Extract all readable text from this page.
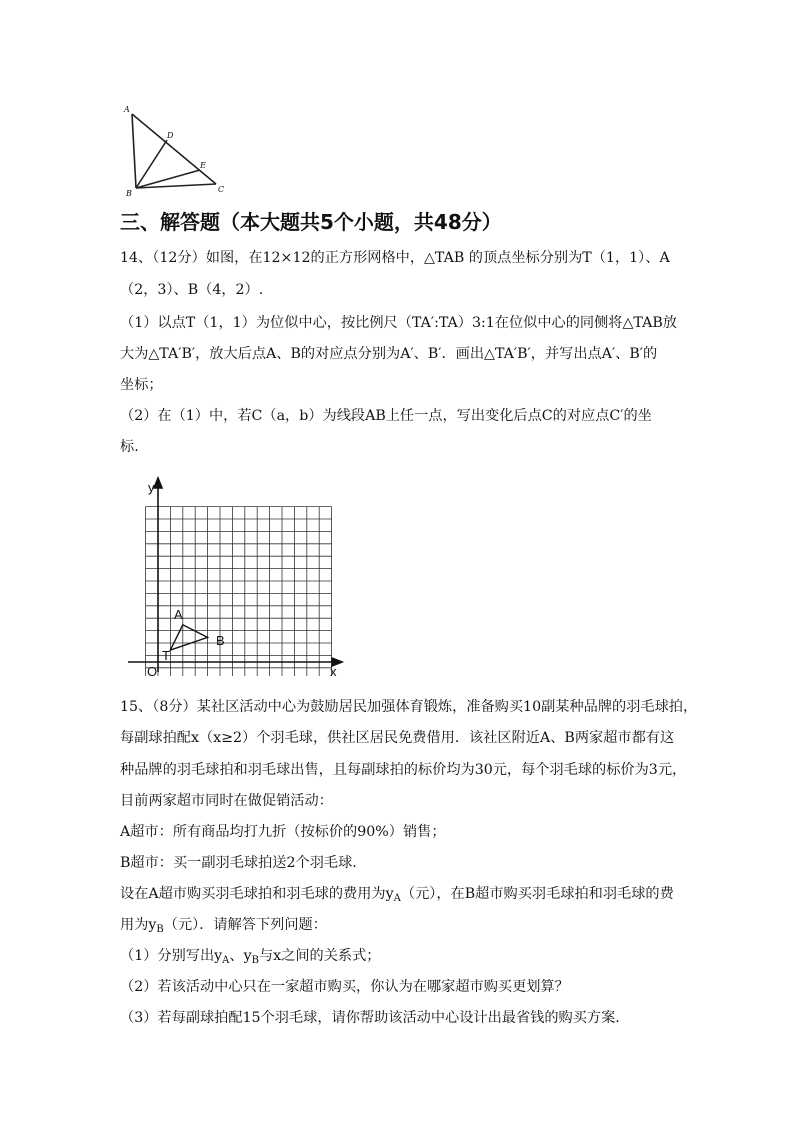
A
B	C
D
E
三、解答题（本大题共5个小题，共48分）
14、（12分）如图，在12×12的正方形网格中，△TAB 的顶点坐标分别为T（1，1）、A
（2，3）、B（4，2）.
（1）以点T（1，1）为位似中心，按比例尺（TA′:TA）3:1在位似中心的同侧将△TAB放
大为△TA′B′，放大后点A、B的对应点分别为A′、B′．画出△TA′B′，并写出点A′、B′的
坐标；
（2）在（1）中，若C（a，b）为线段AB上任一点，写出变化后点C的对应点C′的坐
标.
y
x
O
A
B
T
15、（8分）某社区活动中心为鼓励居民加强体育锻炼，准备购买10副某种品牌的羽毛球拍，
每副球拍配x（x≥2）个羽毛球，供社区居民免费借用．该社区附近A、B两家超市都有这
种品牌的羽毛球拍和羽毛球出售，且每副球拍的标价均为30元，每个羽毛球的标价为3元，
目前两家超市同时在做促销活动：
A超市：所有商品均打九折（按标价的90%）销售；
B超市：买一副羽毛球拍送2个羽毛球.
设在A超市购买羽毛球拍和羽毛球的费用为$y_A$（元），在B超市购买羽毛球拍和羽毛球的费
用为$y_B$（元）．请解答下列问题：
（1）分别写出$y_A$、$y_B$与x之间的关系式；
（2）若该活动中心只在一家超市购买，你认为在哪家超市购买更划算？
（3）若每副球拍配15个羽毛球，请你帮助该活动中心设计出最省钱的购买方案.
